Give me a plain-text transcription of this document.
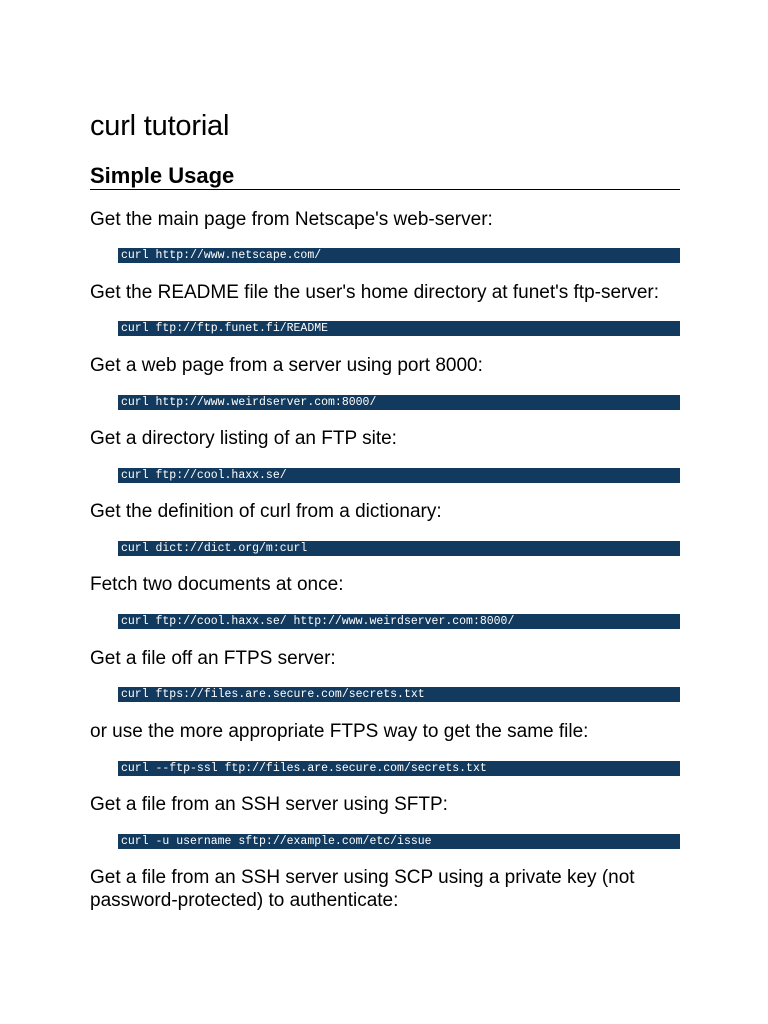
curl tutorial
Simple Usage
Get the main page from Netscape's web-server:
curl http://www.netscape.com/
Get the README file the user's home directory at funet's ftp-server:
curl ftp://ftp.funet.fi/README
Get a web page from a server using port 8000:
curl http://www.weirdserver.com:8000/
Get a directory listing of an FTP site:
curl ftp://cool.haxx.se/
Get the definition of curl from a dictionary:
curl dict://dict.org/m:curl
Fetch two documents at once:
curl ftp://cool.haxx.se/ http://www.weirdserver.com:8000/
Get a file off an FTPS server:
curl ftps://files.are.secure.com/secrets.txt
or use the more appropriate FTPS way to get the same file:
curl --ftp-ssl ftp://files.are.secure.com/secrets.txt
Get a file from an SSH server using SFTP:
curl -u username sftp://example.com/etc/issue
Get a file from an SSH server using SCP using a private key (not
password-protected) to authenticate:
